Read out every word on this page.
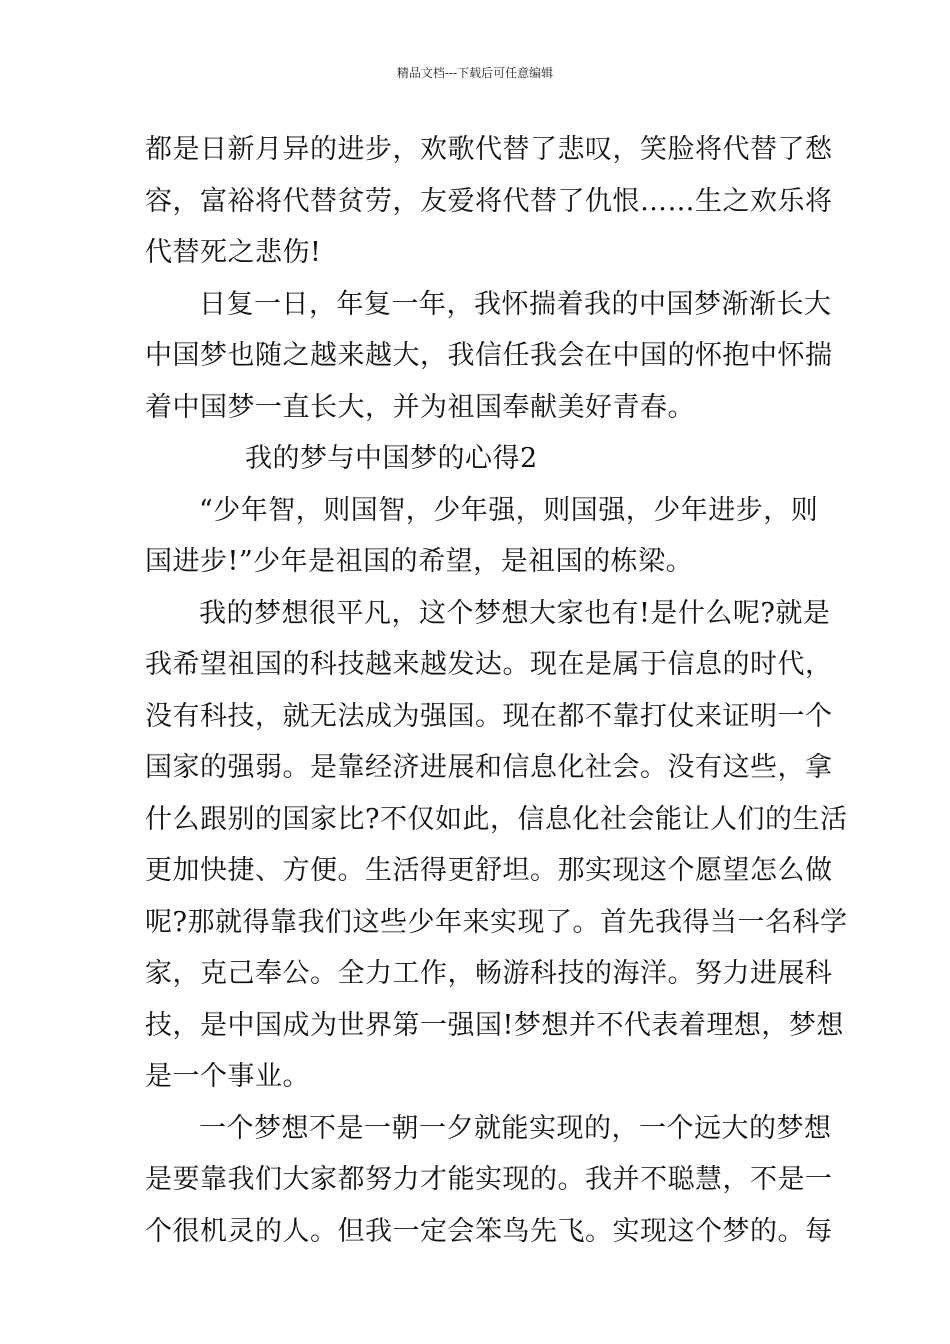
精品文档---下载后可任意编辑
都是日新月异的进步，欢歌代替了悲叹，笑脸将代替了愁
容，富裕将代替贫劳，友爱将代替了仇恨……生之欢乐将
代替死之悲伤!
日复一日，年复一年，我怀揣着我的中国梦渐渐长大
中国梦也随之越来越大，我信任我会在中国的怀抱中怀揣
着中国梦一直长大，并为祖国奉献美好青春。
我的梦与中国梦的心得2
“少年智，则国智，少年强，则国强，少年进步，则
国进步!”少年是祖国的希望，是祖国的栋梁。
我的梦想很平凡，这个梦想大家也有!是什么呢?就是
我希望祖国的科技越来越发达。现在是属于信息的时代，
没有科技，就无法成为强国。现在都不靠打仗来证明一个
国家的强弱。是靠经济进展和信息化社会。没有这些，拿
什么跟别的国家比?不仅如此，信息化社会能让人们的生活
更加快捷、方便。生活得更舒坦。那实现这个愿望怎么做
呢?那就得靠我们这些少年来实现了。首先我得当一名科学
家，克己奉公。全力工作，畅游科技的海洋。努力进展科
技，是中国成为世界第一强国!梦想并不代表着理想，梦想
是一个事业。
一个梦想不是一朝一夕就能实现的，一个远大的梦想
是要靠我们大家都努力才能实现的。我并不聪慧，不是一
个很机灵的人。但我一定会笨鸟先飞。实现这个梦的。每
